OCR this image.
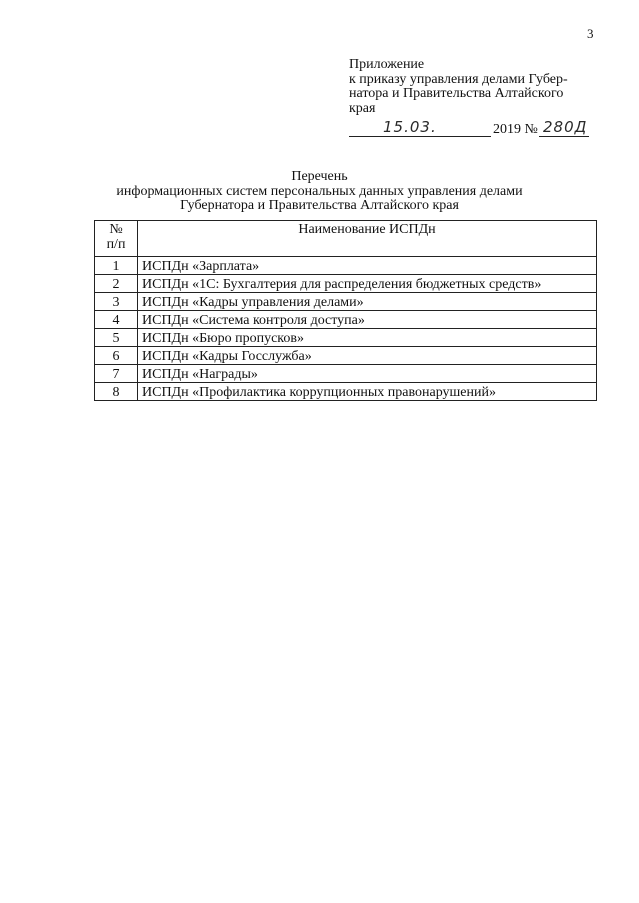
3
Приложение
к приказу управления делами Губер-
натора и Правительства Алтайского
края
15.03.	2019 № 280Д
Перечень
информационных систем персональных данных управления делами
Губернатора и Правительства Алтайского края
№
п/п	Наименование ИСПДн
1	ИСПДн «Зарплата»
2	ИСПДн «1С: Бухгалтерия для распределения бюджетных средств»
3	ИСПДн «Кадры управления делами»
4	ИСПДн «Система контроля доступа»
5	ИСПДн «Бюро пропусков»
6	ИСПДн «Кадры Госслужба»
7	ИСПДн «Награды»
8	ИСПДн «Профилактика коррупционных правонарушений»
